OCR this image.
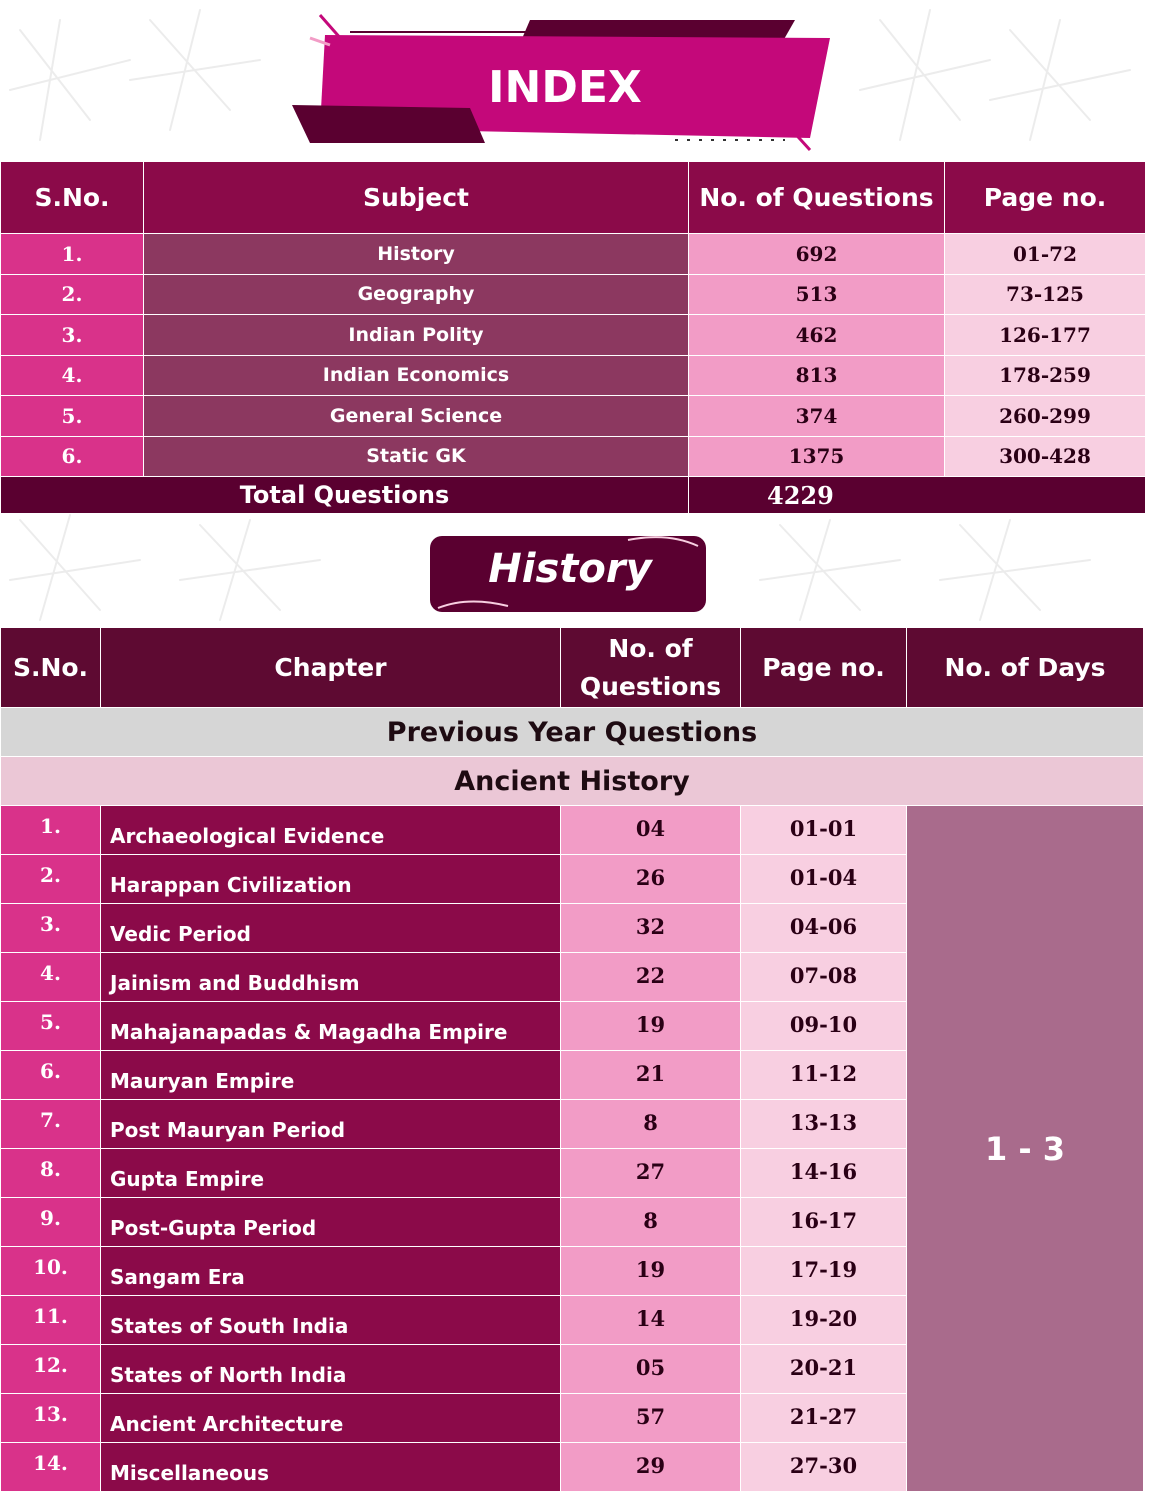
INDEX
S.No.	Subject	No. of Questions	Page no.
1.	History	692	01-72
2.	Geography	513	73-125
3.	Indian Polity	462	126-177
4.	Indian Economics	813	178-259
5.	General Science	374	260-299
6.	Static GK	1375	300-428
Total Questions		4229	
History
S.No.	Chapter	No. of Questions	Page no.	No. of Days
Previous Year Questions				
Ancient History				
1.	Archaeological Evidence	04	01-01	1 - 3
2.	Harappan Civilization	26	01-04	
3.	Vedic Period	32	04-06	
4.	Jainism and Buddhism	22	07-08	
5.	Mahajanapadas & Magadha Empire	19	09-10	
6.	Mauryan Empire	21	11-12	
7.	Post Mauryan Period	8	13-13	
8.	Gupta Empire	27	14-16	
9.	Post-Gupta Period	8	16-17	
10.	Sangam Era	19	17-19	
11.	States of South India	14	19-20	
12.	States of North India	05	20-21	
13.	Ancient Architecture	57	21-27	
14.	Miscellaneous	29	27-30	
